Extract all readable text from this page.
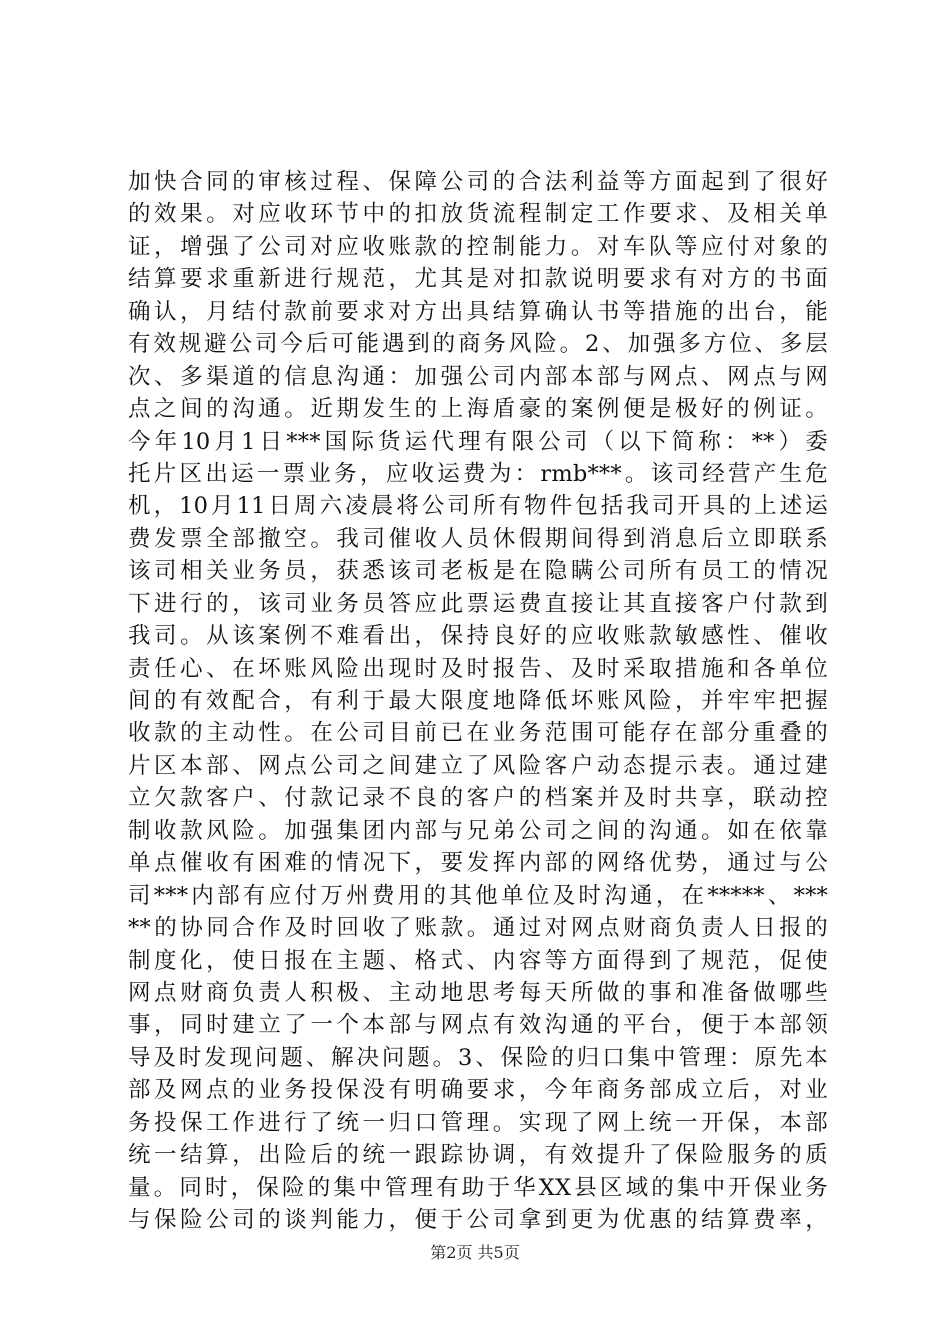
加快合同的审核过程、保障公司的合法利益等方面起到了很好
的效果。对应收环节中的扣放货流程制定工作要求、及相关单
证，增强了公司对应收账款的控制能力。对车队等应付对象的
结算要求重新进行规范，尤其是对扣款说明要求有对方的书面
确认，月结付款前要求对方出具结算确认书等措施的出台，能
有效规避公司今后可能遇到的商务风险。2、加强多方位、多层
次、多渠道的信息沟通：加强公司内部本部与网点、网点与网
点之间的沟通。近期发生的上海盾豪的案例便是极好的例证。
今年10月1日***国际货运代理有限公司（以下简称：**）委
托片区出运一票业务，应收运费为：rmb***。该司经营产生危
机，10月11日周六凌晨将公司所有物件包括我司开具的上述运
费发票全部撤空。我司催收人员休假期间得到消息后立即联系
该司相关业务员，获悉该司老板是在隐瞒公司所有员工的情况
下进行的，该司业务员答应此票运费直接让其直接客户付款到
我司。从该案例不难看出，保持良好的应收账款敏感性、催收
责任心、在坏账风险出现时及时报告、及时采取措施和各单位
间的有效配合，有利于最大限度地降低坏账风险，并牢牢把握
收款的主动性。在公司目前已在业务范围可能存在部分重叠的
片区本部、网点公司之间建立了风险客户动态提示表。通过建
立欠款客户、付款记录不良的客户的档案并及时共享，联动控
制收款风险。加强集团内部与兄弟公司之间的沟通。如在依靠
单点催收有困难的情况下，要发挥内部的网络优势，通过与公
司***内部有应付万州费用的其他单位及时沟通，在*****、***
**的协同合作及时回收了账款。通过对网点财商负责人日报的
制度化，使日报在主题、格式、内容等方面得到了规范，促使
网点财商负责人积极、主动地思考每天所做的事和准备做哪些
事，同时建立了一个本部与网点有效沟通的平台，便于本部领
导及时发现问题、解决问题。3、保险的归口集中管理：原先本
部及网点的业务投保没有明确要求，今年商务部成立后，对业
务投保工作进行了统一归口管理。实现了网上统一开保，本部
统一结算，出险后的统一跟踪协调，有效提升了保险服务的质
量。同时，保险的集中管理有助于华XX县区域的集中开保业务
与保险公司的谈判能力，便于公司拿到更为优惠的结算费率，
第2页 共5页
